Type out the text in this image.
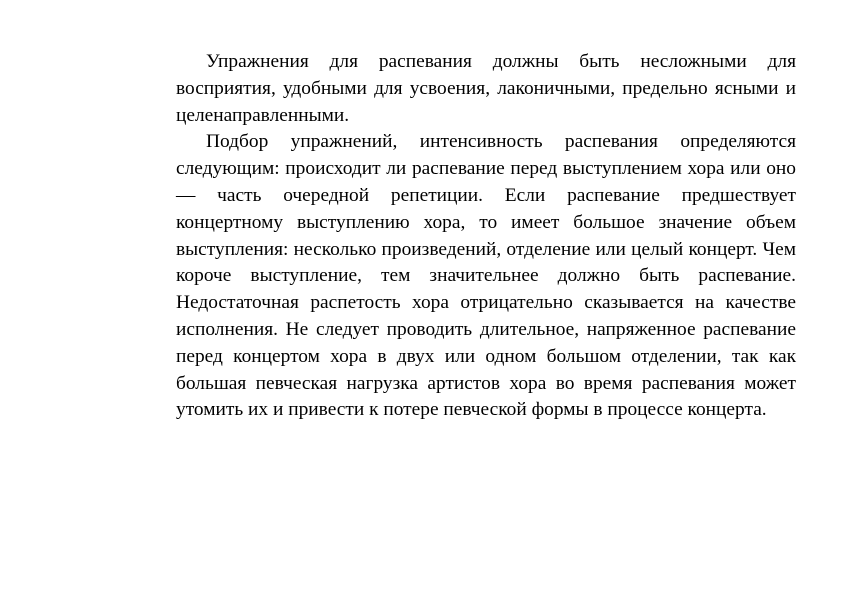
Упражнения для распевания должны быть несложными для восприятия, удобными для усвоения, лаконичными, предельно ясными и целенаправленными.

Подбор упражнений, интенсивность распевания определяются следующим: происходит ли распевание перед выступлением хора или оно — часть очередной репетиции. Если распевание предшествует концертному выступлению хора, то имеет большое значение объем выступления: несколько произведений, отделение или целый концерт. Чем короче выступление, тем значительнее должно быть распевание. Недостаточная распетость хора отрицательно сказывается на качестве исполнения. Не следует проводить длительное, напряженное распевание перед концертом хора в двух или одном большом отделении, так как большая певческая нагрузка артистов хора во время распевания может утомить их и привести к потере певческой формы в процессе концерта.
